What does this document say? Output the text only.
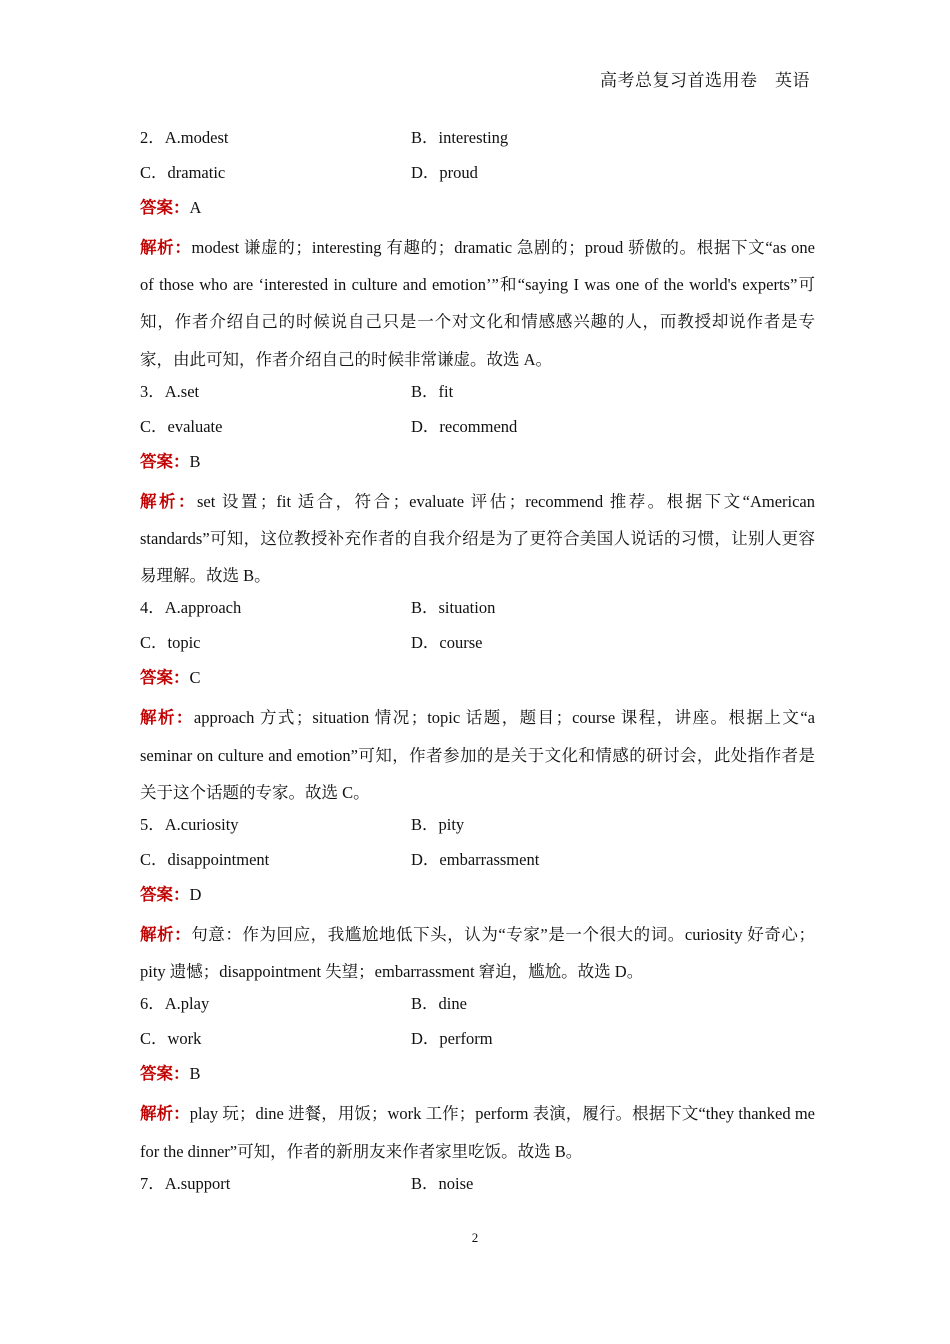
高考总复习首选用卷　英语
2．A.modest	B．interesting
C．dramatic	D．proud
答案：A
解析：modest 谦虚的；interesting 有趣的；dramatic 急剧的；proud 骄傲的。根据下文“as one of those who are ‘interested in culture and emotion’”和“saying I was one of the world's experts”可知，作者介绍自己的时候说自己只是一个对文化和情感感兴趣的人，而教授却说作者是专家，由此可知，作者介绍自己的时候非常谦虚。故选 A。
3．A.set	B．fit
C．evaluate	D．recommend
答案：B
解析：set 设置；fit 适合，符合；evaluate 评估；recommend 推荐。根据下文“American standards”可知，这位教授补充作者的自我介绍是为了更符合美国人说话的习惯，让别人更容易理解。故选 B。
4．A.approach	B．situation
C．topic	D．course
答案：C
解析：approach 方式；situation 情况；topic 话题，题目；course 课程，讲座。根据上文“a seminar on culture and emotion”可知，作者参加的是关于文化和情感的研讨会，此处指作者是关于这个话题的专家。故选 C。
5．A.curiosity	B．pity
C．disappointment	D．embarrassment
答案：D
解析：句意：作为回应，我尴尬地低下头，认为“专家”是一个很大的词。curiosity 好奇心；pity 遗憾；disappointment 失望；embarrassment 窘迫，尴尬。故选 D。
6．A.play	B．dine
C．work	D．perform
答案：B
解析：play 玩；dine 进餐，用饭；work 工作；perform 表演，履行。根据下文“they thanked me for the dinner”可知，作者的新朋友来作者家里吃饭。故选 B。
7．A.support	B．noise
2
